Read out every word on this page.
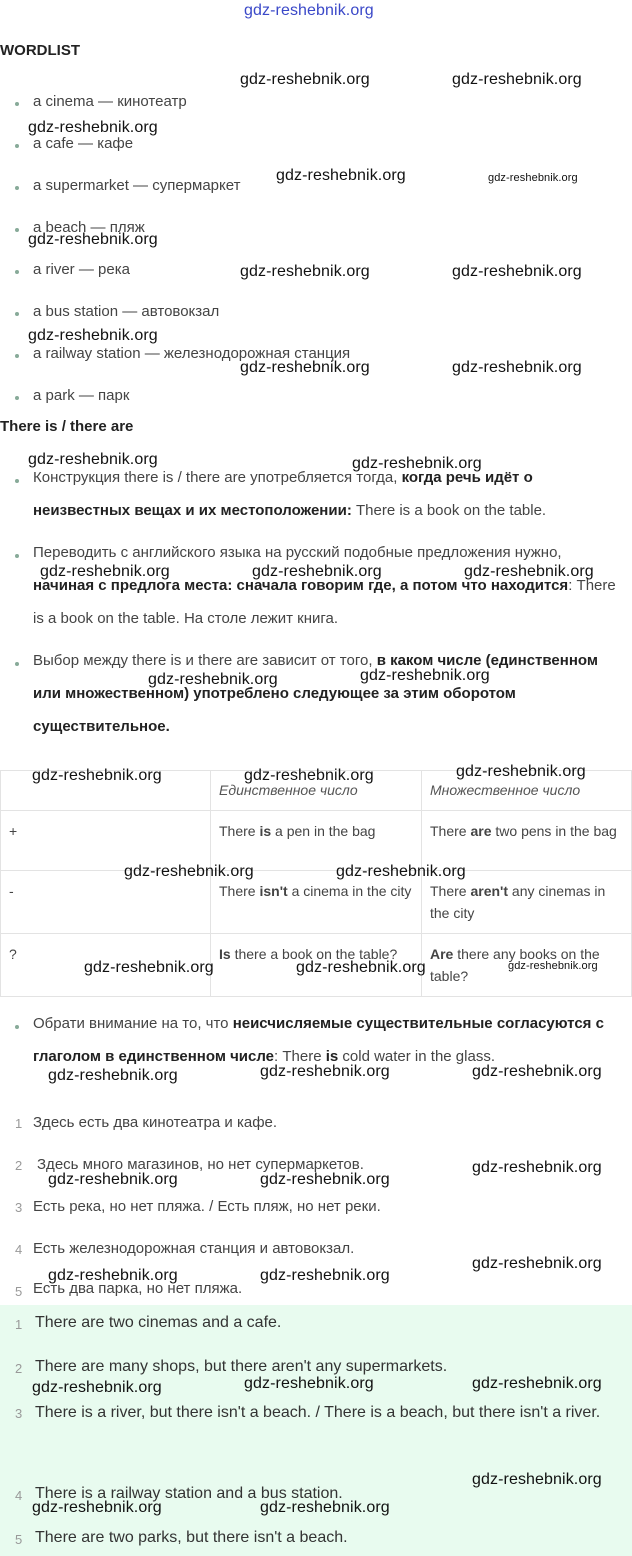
gdz-reshebnik.org
WORDLIST
a cinema — кинотеатр
a cafe — кафе
a supermarket — супермаркет
a beach — пляж
a river — река
a bus station — автовокзал
a railway station — железнодорожная станция
a park — парк
There is / there are
Конструкция there is / there are употребляется тогда, когда речь идёт о неизвестных вещах и их местоположении: There is a book on the table.
Переводить с английского языка на русский подобные предложения нужно, начиная с предлога места: сначала говорим где, а потом что находится: There is a book on the table. На столе лежит книга.
Выбор между there is и there are зависит от того, в каком числе (единственном или множественном) употреблено следующее за этим оборотом существительное.
	Единственное число	Множественное число
+	There is a pen in the bag	There are two pens in the bag
-	There isn't a cinema in the city	There aren't any cinemas in the city
?	Is there a book on the table?	Are there any books on the table?
Обрати внимание на то, что неисчисляемые существительные согласуются с глаголом в единственном числе: There is cold water in the glass.
1 Здесь есть два кинотеатра и кафе.
2 Здесь много магазинов, но нет супермаркетов.
3 Есть река, но нет пляжа. / Есть пляж, но нет реки.
4 Есть железнодорожная станция и автовокзал.
5 Есть два парка, но нет пляжа.
1 There are two cinemas and a cafe.
2 There are many shops, but there aren't any supermarkets.
3 There is a river, but there isn't a beach. / There is a beach, but there isn't a river.
4 There is a railway station and a bus station.
5 There are two parks, but there isn't a beach.
gdz-reshebnik.org	gdz-reshebnik.org
gdz-reshebnik.org
gdz-reshebnik.org	gdz-reshebnik.org
gdz-reshebnik.org
gdz-reshebnik.org	gdz-reshebnik.org
gdz-reshebnik.org
gdz-reshebnik.org	gdz-reshebnik.org
gdz-reshebnik.org	gdz-reshebnik.org
gdz-reshebnik.org	gdz-reshebnik.org	gdz-reshebnik.org
gdz-reshebnik.org	gdz-reshebnik.org
gdz-reshebnik.org	gdz-reshebnik.org	gdz-reshebnik.org
gdz-reshebnik.org	gdz-reshebnik.org
gdz-reshebnik.org	gdz-reshebnik.org	gdz-reshebnik.org
gdz-reshebnik.org	gdz-reshebnik.org	gdz-reshebnik.org
gdz-reshebnik.org
gdz-reshebnik.org	gdz-reshebnik.org
gdz-reshebnik.org
gdz-reshebnik.org	gdz-reshebnik.org
gdz-reshebnik.org	gdz-reshebnik.org	gdz-reshebnik.org
gdz-reshebnik.org
gdz-reshebnik.org	gdz-reshebnik.org
